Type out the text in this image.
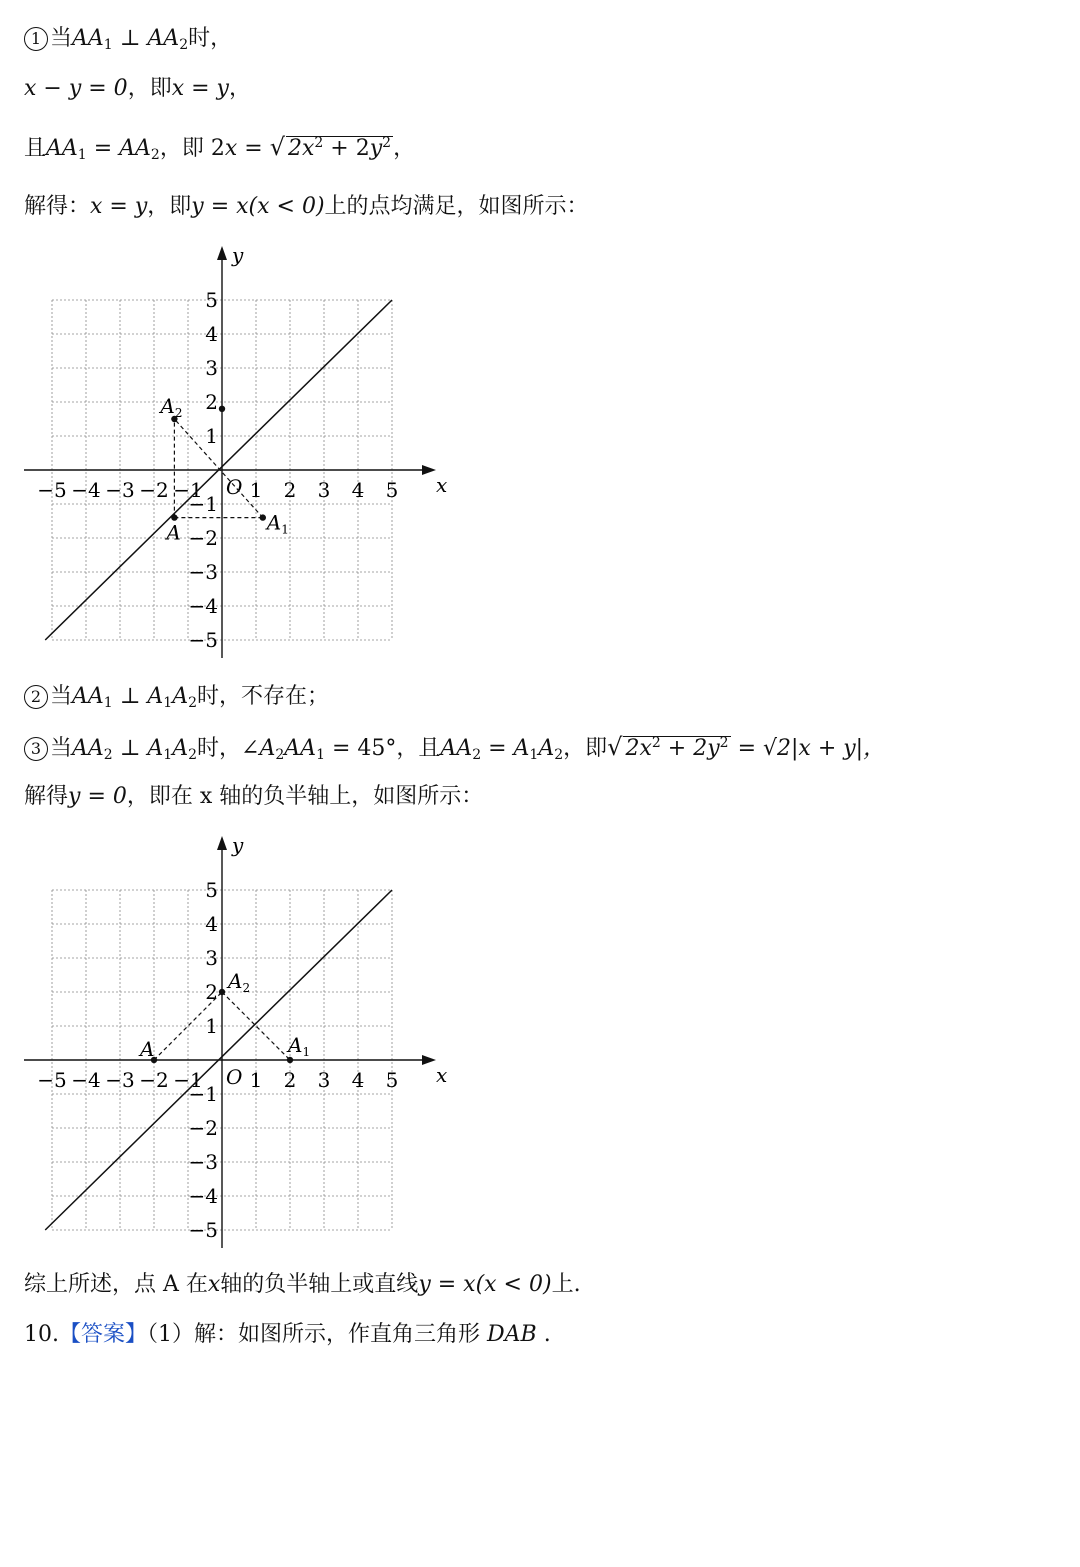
1 当$AA_1$ ⊥ $AA_2$时，
x − y = 0，即x = y，
且$AA_1 = AA_2$，即 2x = √ $2x^2 + 2y^2$，
解得：x = y，即y = x(x < 0)上的点均满足，如图所示：
x
y
O
−5 −4 −3 −2 −1 1 2 3 4 5
5
4
3
2
1
−1
−2
−3
−4
−5
A	$A_1$
$A_2$
2 当$AA_1$ ⊥ $A_1A_2$时，不存在；
3 当$AA_2$ ⊥ $A_1A_2$时，$\angle A_2AA_1 = 45^\circ$，且$AA_2 = A_1A_2$，即√ $2x^2 + 2y^2 = √2|x + y|$，
解得y = 0，即在 x 轴的负半轴上，如图所示：
x
y
O
−5 −4 −3 −2 −1 1 2 3 4 5
5
4
3
2
1
−1
−2
−3
−4
−5
A	$A_1$
$A_2$
综上所述，点 A 在x轴的负半轴上或直线y = x(x < 0)上.
10.【答案】（1）解：如图所示，作直角三角形 DAB .
